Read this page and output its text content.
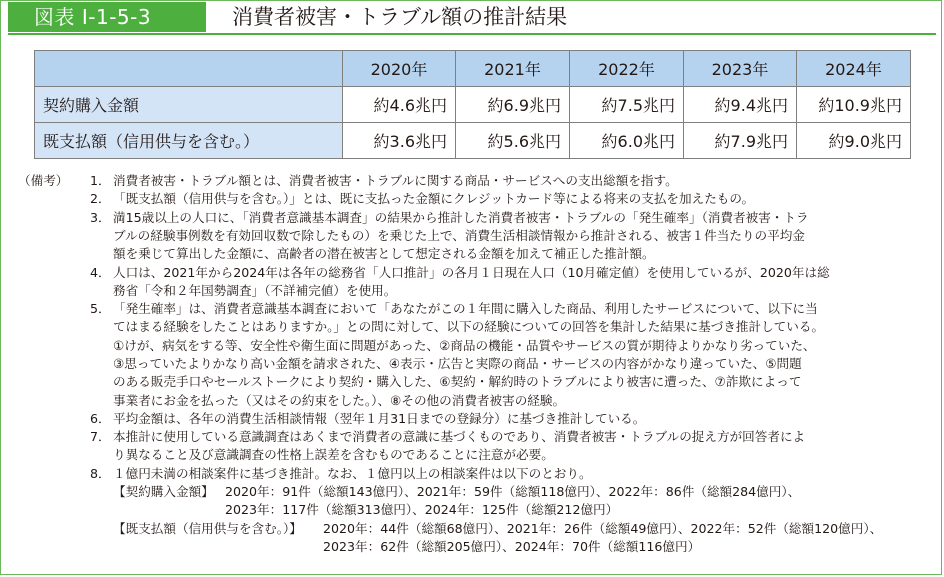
図表 I-1-5-3	消費者被害・トラブル額の推計結果
	2020年	2021年	2022年	2023年	2024年
契約購入金額	約4.6兆円	約6.9兆円	約7.5兆円	約9.4兆円	約10.9兆円
既支払額（信用供与を含む。）	約3.6兆円	約5.6兆円	約6.0兆円	約7.9兆円	約9.0兆円
（備考） 1． 消費者被害・トラブル額とは、消費者被害・トラブルに関する商品・サービスへの支出総額を指す。
2． 「既支払額（信用供与を含む。）」とは、既に支払った金額にクレジットカード等による将来の支払を加えたもの。
3． 満15歳以上の人口に、「消費者意識基本調査」の結果から推計した消費者被害・トラブルの「発生確率」（消費者被害・トラ
ブルの経験事例数を有効回収数で除したもの）を乗じた上で、消費生活相談情報から推計される、被害１件当たりの平均金
額を乗じて算出した金額に、高齢者の潜在被害として想定される金額を加えて補正した推計額。
4． 人口は、2021年から2024年は各年の総務省「人口推計」の各月１日現在人口（10月確定値）を使用しているが、2020年は総
務省「令和２年国勢調査」（不詳補完値）を使用。
5． 「発生確率」は、消費者意識基本調査において「あなたがこの１年間に購入した商品、利用したサービスについて、以下に当
てはまる経験をしたことはありますか。」との問に対して、以下の経験についての回答を集計した結果に基づき推計している。
①けが、病気をする等、安全性や衛生面に問題があった、②商品の機能・品質やサービスの質が期待よりかなり劣っていた、
③思っていたよりかなり高い金額を請求された、④表示・広告と実際の商品・サービスの内容がかなり違っていた、⑤問題
のある販売手口やセールストークにより契約・購入した、⑥契約・解約時のトラブルにより被害に遭った、⑦詐欺によって
事業者にお金を払った（又はその約束をした。）、⑧その他の消費者被害の経験。
6． 平均金額は、各年の消費生活相談情報（翌年１月31日までの登録分）に基づき推計している。
7． 本推計に使用している意識調査はあくまで消費者の意識に基づくものであり、消費者被害・トラブルの捉え方が回答者によ
り異なること及び意識調査の性格上誤差を含むものであることに注意が必要。
8． １億円未満の相談案件に基づき推計。なお、１億円以上の相談案件は以下のとおり。
【契約購入金額】 2020年：91件（総額143億円）、2021年：59件（総額118億円）、2022年：86件（総額284億円）、
2023年：117件（総額313億円）、2024年：125件（総額212億円）
【既支払額（信用供与を含む。）】 2020年：44件（総額68億円）、2021年：26件（総額49億円）、2022年：52件（総額120億円）、
2023年：62件（総額205億円）、2024年：70件（総額116億円）
